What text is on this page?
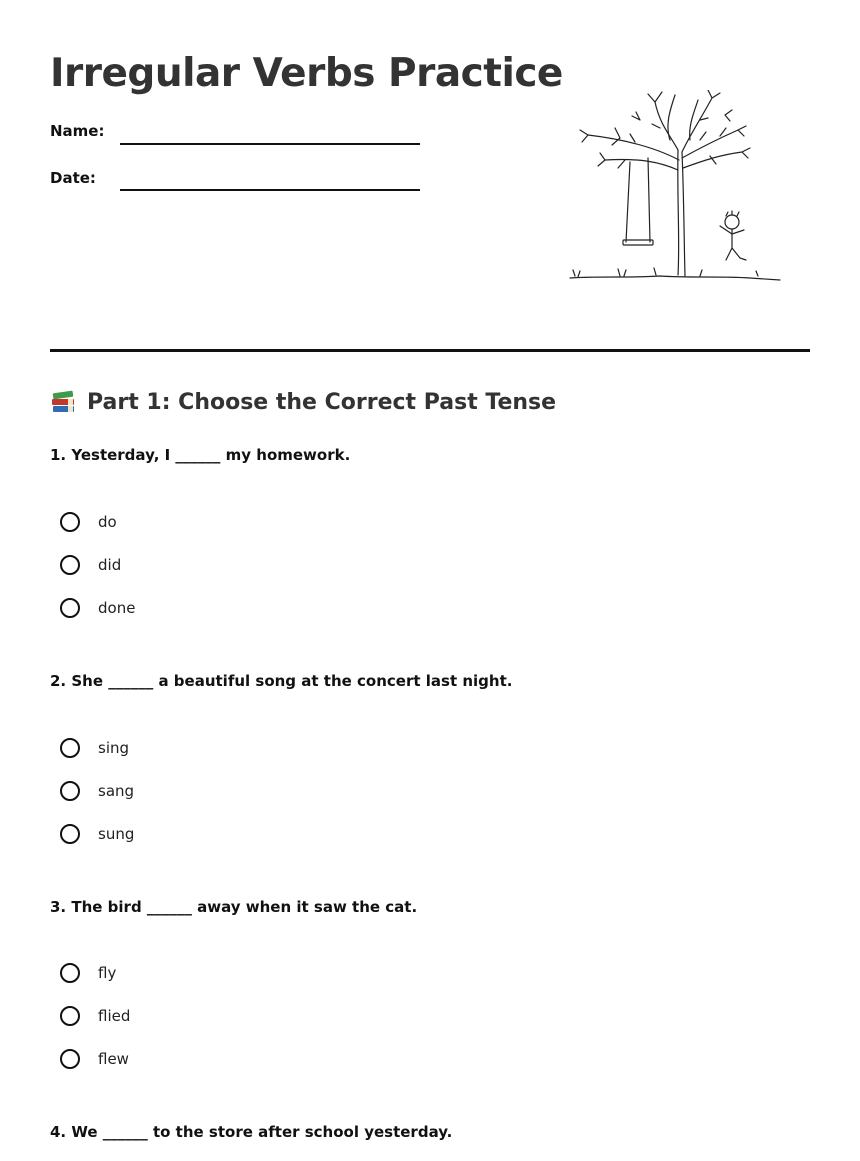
Irregular Verbs Practice
Name:
Date:
Part 1: Choose the Correct Past Tense
1. Yesterday, I ______ my homework.
do
did
done
2. She ______ a beautiful song at the concert last night.
sing
sang
sung
3. The bird ______ away when it saw the cat.
fly
flied
flew
4. We ______ to the store after school yesterday.
